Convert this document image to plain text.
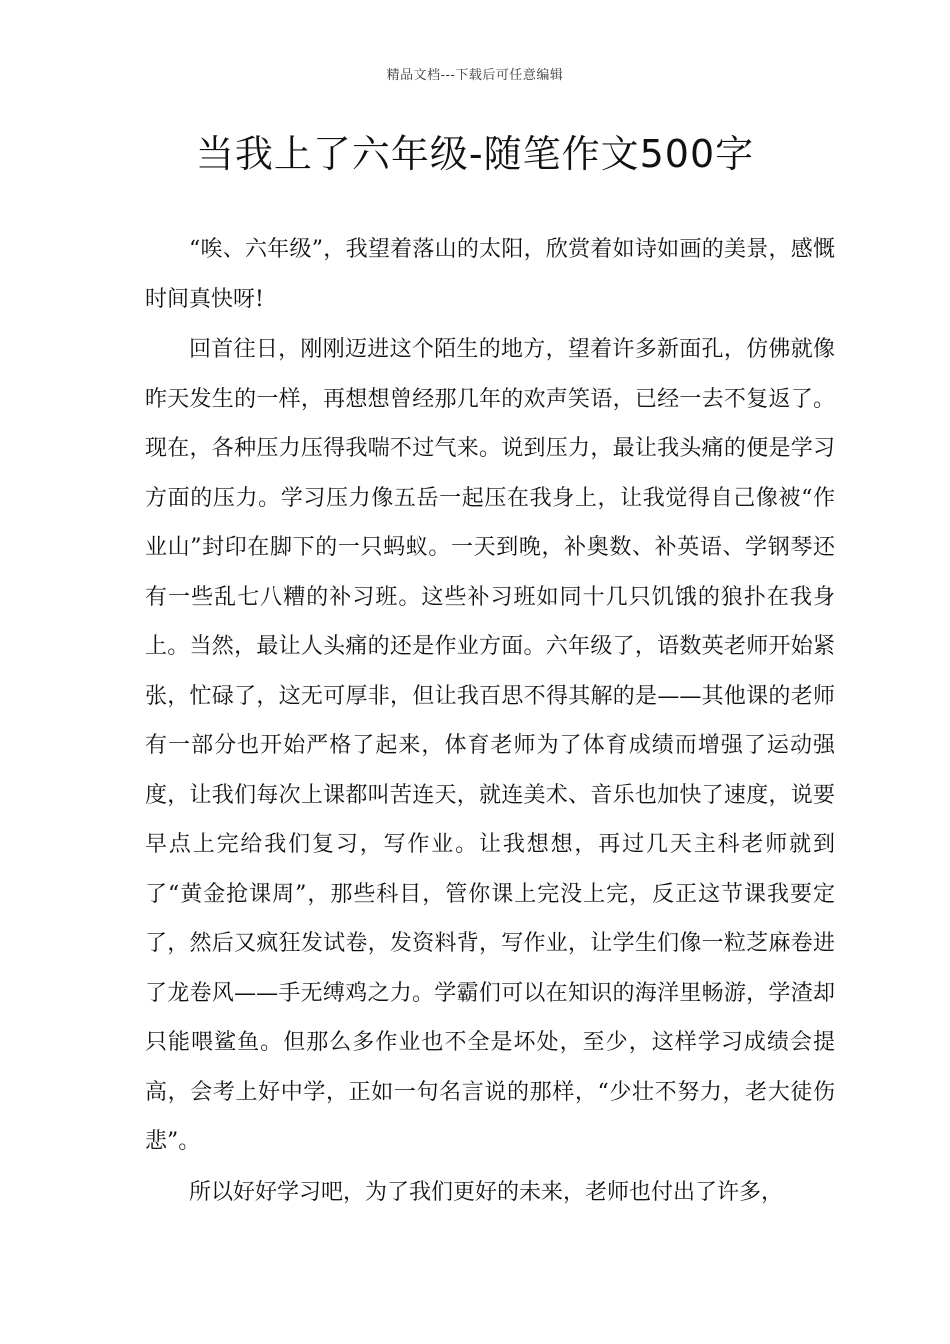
精品文档---下载后可任意编辑
当我上了六年级-随笔作文500字

“唉、六年级”，我望着落山的太阳，欣赏着如诗如画的美景，感慨时间真快呀!

回首往日，刚刚迈进这个陌生的地方，望着许多新面孔，仿佛就像昨天发生的一样，再想想曾经那几年的欢声笑语，已经一去不复返了。现在，各种压力压得我喘不过气来。说到压力，最让我头痛的便是学习方面的压力。学习压力像五岳一起压在我身上，让我觉得自己像被“作业山”封印在脚下的一只蚂蚁。一天到晚，补奥数、补英语、学钢琴还有一些乱七八糟的补习班。这些补习班如同十几只饥饿的狼扑在我身上。当然，最让人头痛的还是作业方面。六年级了，语数英老师开始紧张，忙碌了，这无可厚非，但让我百思不得其解的是——其他课的老师有一部分也开始严格了起来，体育老师为了体育成绩而增强了运动强度，让我们每次上课都叫苦连天，就连美术、音乐也加快了速度，说要早点上完给我们复习，写作业。让我想想，再过几天主科老师就到了“黄金抢课周”，那些科目，管你课上完没上完，反正这节课我要定了，然后又疯狂发试卷，发资料背，写作业，让学生们像一粒芝麻卷进了龙卷风——手无缚鸡之力。学霸们可以在知识的海洋里畅游，学渣却只能喂鲨鱼。但那么多作业也不全是坏处，至少，这样学习成绩会提高，会考上好中学，正如一句名言说的那样，“少壮不努力，老大徒伤悲”。

所以好好学习吧，为了我们更好的未来，老师也付出了许多，
